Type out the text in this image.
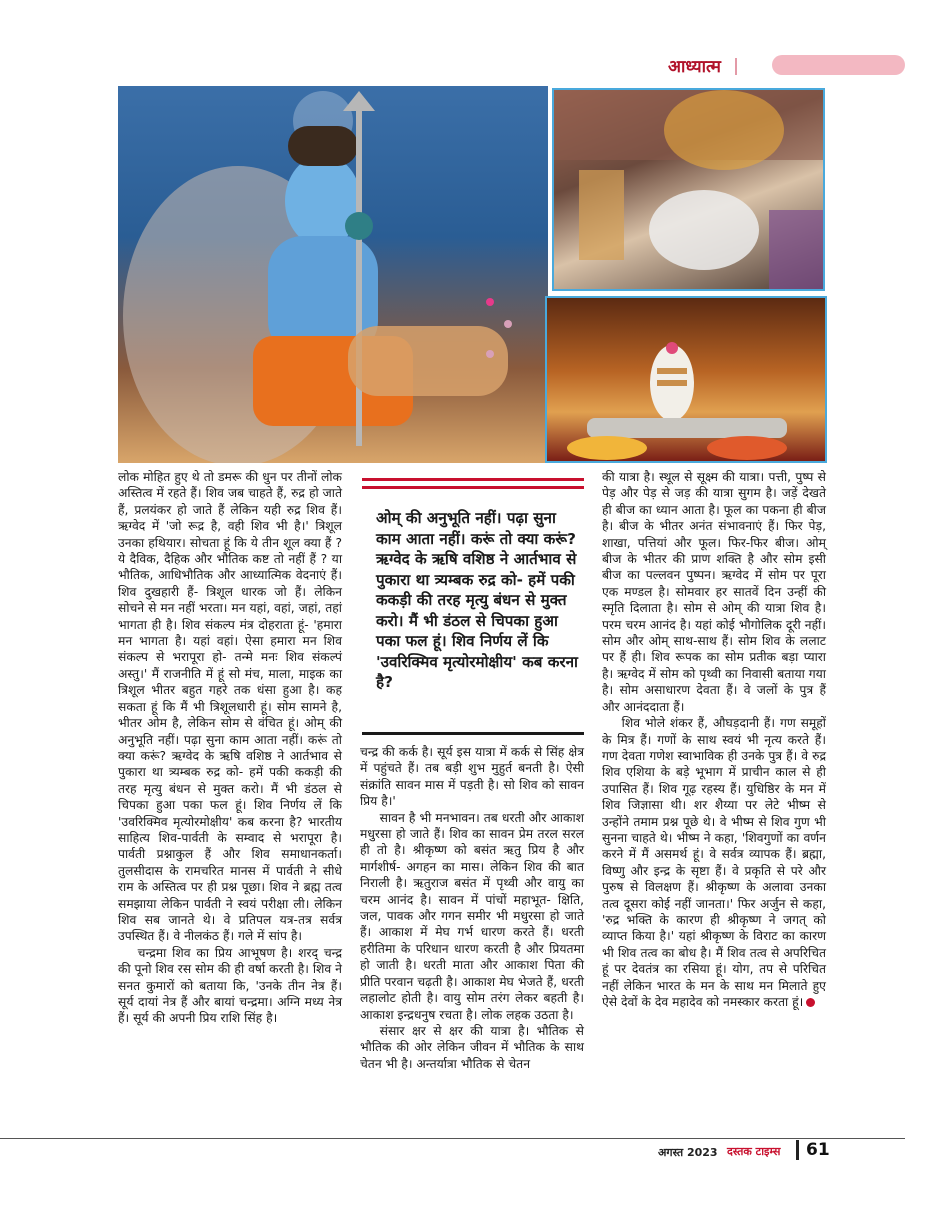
आध्यात्म

लोक मोहित हुए थे तो डमरू की धुन पर तीनों लोक अस्तित्व में रहते हैं। शिव जब चाहते हैं, रुद्र हो जाते हैं, प्रलयंकर हो जाते हैं लेकिन यही रुद्र शिव हैं। ऋग्वेद में 'जो रूद्र है, वही शिव भी है।' त्रिशूल उनका हथियार। सोचता हूं कि ये तीन शूल क्या हैं ? ये दैविक, दैहिक और भौतिक कष्ट तो नहीं हैं ? या भौतिक, आधिभौतिक और आध्यात्मिक वेदनाएं हैं। शिव दुखहारी हैं- त्रिशूल धारक जो हैं। लेकिन सोचने से मन नहीं भरता। मन यहां, वहां, जहां, तहां भागता ही है। शिव संकल्प मंत्र दोहराता हूं- 'हमारा मन भागता है। यहां वहां। ऐसा हमारा मन शिव संकल्प से भरापूरा हो- तन्मे मनः शिव संकल्पं अस्तु।' मैं राजनीति में हूं सो मंच, माला, माइक का त्रिशूल भीतर बहुत गहरे तक धंसा हुआ है। कह सकता हूं कि मैं भी त्रिशूलधारी हूं। सोम सामने है, भीतर ओम है, लेकिन सोम से वंचित हूं। ओम् की अनुभूति नहीं। पढ़ा सुना काम आता नहीं। करूं तो क्या करूं? ऋग्वेद के ऋषि वशिष्ठ ने आर्तभाव से पुकारा था त्र्यम्बक रुद्र को- हमें पकी ककड़ी की तरह मृत्यु बंधन से मुक्त करो। मैं भी डंठल से चिपका हुआ पका फल हूं। शिव निर्णय लें कि 'उवरिक्मिव मृत्योरमोक्षीय' कब करना है? भारतीय साहित्य शिव-पार्वती के सम्वाद से भरापूरा है। पार्वती प्रश्नाकुल हैं और शिव समाधानकर्ता। तुलसीदास के रामचरित मानस में पार्वती ने सीधे राम के अस्तित्व पर ही प्रश्न पूछा। शिव ने ब्रह्म तत्व समझाया लेकिन पार्वती ने स्वयं परीक्षा ली। लेकिन शिव सब जानते थे। वे प्रतिपल यत्र-तत्र सर्वत्र उपस्थित हैं। वे नीलकंठ हैं। गले में सांप है।

चन्द्रमा शिव का प्रिय आभूषण है। शरद् चन्द्र की पूनो शिव रस सोम की ही वर्षा करती है। शिव ने सनत कुमारों को बताया कि, 'उनके तीन नेत्र हैं। सूर्य दायां नेत्र हैं और बायां चन्द्रमा। अग्नि मध्य नेत्र हैं। सूर्य की अपनी प्रिय राशि सिंह है।

ओम् की अनुभूति नहीं। पढ़ा सुना काम आता नहीं। करूं तो क्या करूं? ऋग्वेद के ऋषि वशिष्ठ ने आर्तभाव से पुकारा था त्र्यम्बक रुद्र को- हमें पकी ककड़ी की तरह मृत्यु बंधन से मुक्त करो। मैं भी डंठल से चिपका हुआ पका फल हूं। शिव निर्णय लें कि 'उवरिक्मिव मृत्योरमोक्षीय' कब करना है?

चन्द्र की कर्क है। सूर्य इस यात्रा में कर्क से सिंह क्षेत्र में पहुंचते हैं। तब बड़ी शुभ मुहुर्त बनती है। ऐसी संक्रांति सावन मास में पड़ती है। सो शिव को सावन प्रिय है।'

सावन है भी मनभावन। तब धरती और आकाश मधुरसा हो जाते हैं। शिव का सावन प्रेम तरल सरल ही तो है। श्रीकृष्ण को बसंत ऋतु प्रिय है और मार्गशीर्ष- अगहन का मास। लेकिन शिव की बात निराली है। ऋतुराज बसंत में पृथ्वी और वायु का चरम आनंद है। सावन में पांचों महाभूत- क्षिति, जल, पावक और गगन समीर भी मधुरसा हो जाते हैं। आकाश में मेघ गर्भ धारण करते हैं। धरती हरीतिमा के परिधान धारण करती है और प्रियतमा हो जाती है। धरती माता और आकाश पिता की प्रीति परवान चढ़ती है। आकाश मेघ भेजते हैं, धरती लहालोट होती है। वायु सोम तरंग लेकर बहती है। आकाश इन्द्रधनुष रचता है। लोक लहक उठता है।

संसार क्षर से क्षर की यात्रा है। भौतिक से भौतिक की ओर लेकिन जीवन में भौतिक के साथ चेतन भी है। अन्तर्यात्रा भौतिक से चेतन

की यात्रा है। स्थूल से सूक्ष्म की यात्रा। पत्ती, पुष्प से पेड़ और पेड़ से जड़ की यात्रा सुगम है। जड़ें देखते ही बीज का ध्यान आता है। फूल का पकना ही बीज है। बीज के भीतर अनंत संभावनाएं हैं। फिर पेड़, शाखा, पत्तियां और फूल। फिर-फिर बीज। ओम् बीज के भीतर की प्राण शक्ति है और सोम इसी बीज का पल्लवन पुष्पन। ऋग्वेद में सोम पर पूरा एक मण्डल है। सोमवार हर सातवें दिन उन्हीं की स्मृति दिलाता है। सोम से ओम् की यात्रा शिव है। परम चरम आनंद है। यहां कोई भौगोलिक दूरी नहीं। सोम और ओम् साथ-साथ हैं। सोम शिव के ललाट पर हैं ही। शिव रूपक का सोम प्रतीक बड़ा प्यारा है। ऋग्वेद में सोम को पृथ्वी का निवासी बताया गया है। सोम असाधारण देवता हैं। वे जलों के पुत्र हैं और आनंददाता हैं।

शिव भोले शंकर हैं, औघड़दानी हैं। गण समूहों के मित्र हैं। गणों के साथ स्वयं भी नृत्य करते हैं। गण देवता गणेश स्वाभाविक ही उनके पुत्र हैं। वे रुद्र शिव एशिया के बड़े भूभाग में प्राचीन काल से ही उपासित हैं। शिव गूढ़ रहस्य हैं। युधिष्ठिर के मन में शिव जिज्ञासा थी। शर शैय्या पर लेटे भीष्म से उन्होंने तमाम प्रश्न पूछे थे। वे भीष्म से शिव गुण भी सुनना चाहते थे। भीष्म ने कहा, 'शिवगुणों का वर्णन करने में मैं असमर्थ हूं। वे सर्वत्र व्यापक हैं। ब्रह्मा, विष्णु और इन्द्र के सृष्टा हैं। वे प्रकृति से परे और पुरुष से विलक्षण हैं। श्रीकृष्ण के अलावा उनका तत्व दूसरा कोई नहीं जानता।' फिर अर्जुन से कहा, 'रुद्र भक्ति के कारण ही श्रीकृष्ण ने जगत् को व्याप्त किया है।' यहां श्रीकृष्ण के विराट का कारण भी शिव तत्व का बोध है। मैं शिव तत्व से अपरिचित हूं पर देवतंत्र का रसिया हूं। योग, तप से परिचित नहीं लेकिन भारत के मन के साथ मन मिलाते हुए ऐसे देवों के देव महादेव को नमस्कार करता हूं।

अगस्त 2023 दस्तक टाइम्स 61
